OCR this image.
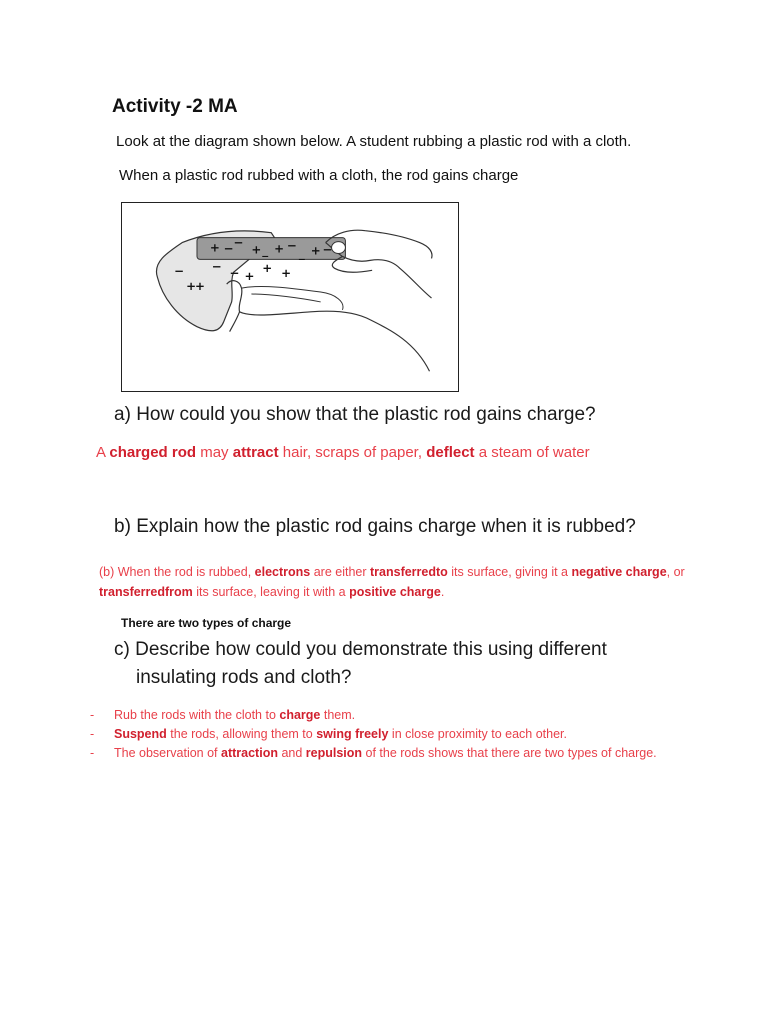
Activity -2 MA
Look at the diagram shown below. A student rubbing a plastic rod with a cloth.
When a plastic rod rubbed with a cloth, the rod gains charge
+ − − + _ + −
_ + −
− −
+
− +
+
+
+
a) How could you show that the plastic rod gains charge?
A charged rod may attract hair, scraps of paper, deflect a steam of water
b) Explain how the plastic rod gains charge when it is rubbed?
(b) When the rod is rubbed, electrons are either transferredto its surface, giving it a negative charge, or transferredfrom its surface, leaving it with a positive charge.
There are two types of charge
c) Describe how could you demonstrate this using different
insulating rods and cloth?
-	Rub the rods with the cloth to charge them.
-	Suspend the rods, allowing them to swing freely in close proximity to each other.
-	The observation of attraction and repulsion of the rods shows that there are two types of charge.
